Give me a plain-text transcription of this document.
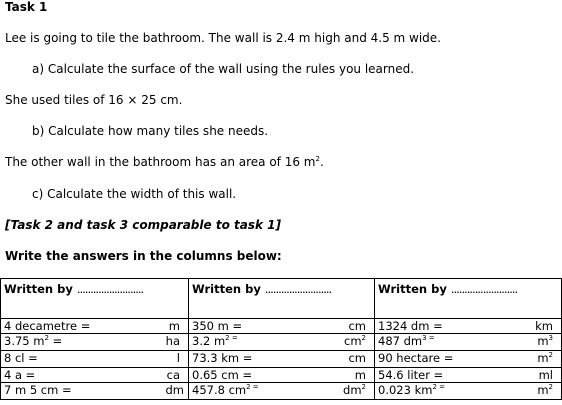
Task 1
Lee is going to tile the bathroom. The wall is 2.4 m high and 4.5 m wide.
a) Calculate the surface of the wall using the rules you learned.
She used tiles of 16 × 25 cm.
b) Calculate how many tiles she needs.
The other wall in the bathroom has an area of 16 $m^2$.
c) Calculate the width of this wall.
[Task 2 and task 3 comparable to task 1]
Write the answers in the columns below:
Written by .........................		Written by .........................		Written by .........................	
4 decametre =	m	350 m =	cm	1324 dm =	km
3.75 $m^2$ =	ha	3.2 $m^{2 =}$	$cm^2$	487 $dm^{3 =}$	$m^3$
8 cl =	l	73.3 km =	cm	90 hectare =	$m^2$
4 a =	ca	0.65 cm =	m	54.6 liter =	ml
7 m 5 cm =	dm	457.8 $cm^{2 =}$	$dm^2$	0.023 $km^{2 =}$	$m^2$
